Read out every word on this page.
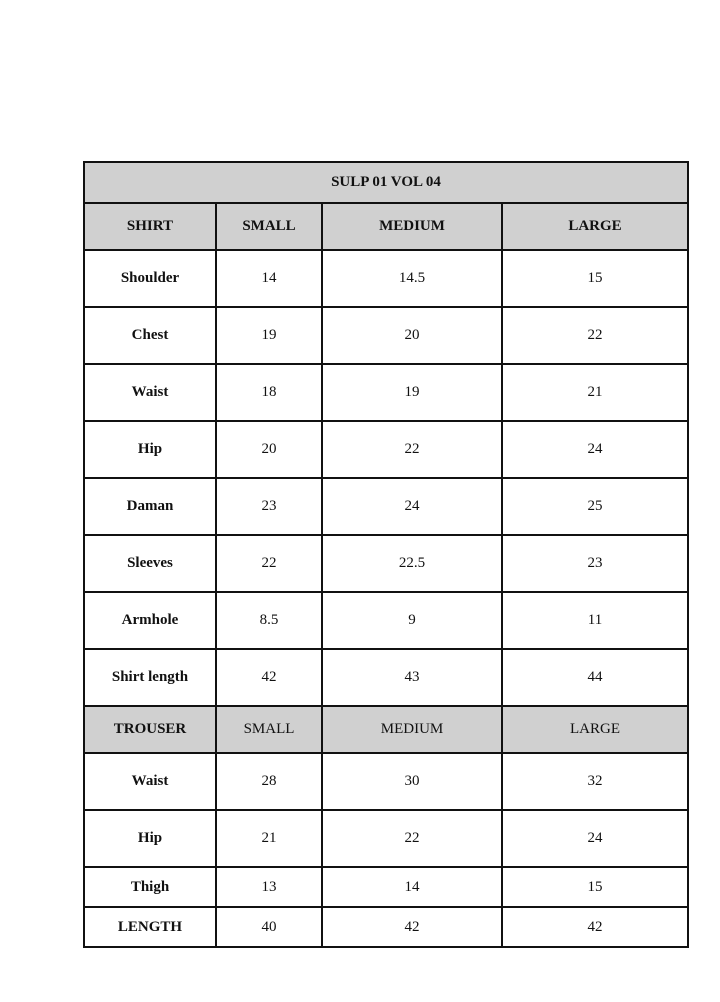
SULP 01 VOL 04			
SHIRT	SMALL	MEDIUM	LARGE
Shoulder	14	14.5	15
Chest	19	20	22
Waist	18	19	21
Hip	20	22	24
Daman	23	24	25
Sleeves	22	22.5	23
Armhole	8.5	9	11
Shirt length	42	43	44
TROUSER	SMALL	MEDIUM	LARGE
Waist	28	30	32
Hip	21	22	24
Thigh	13	14	15
LENGTH	40	42	42
